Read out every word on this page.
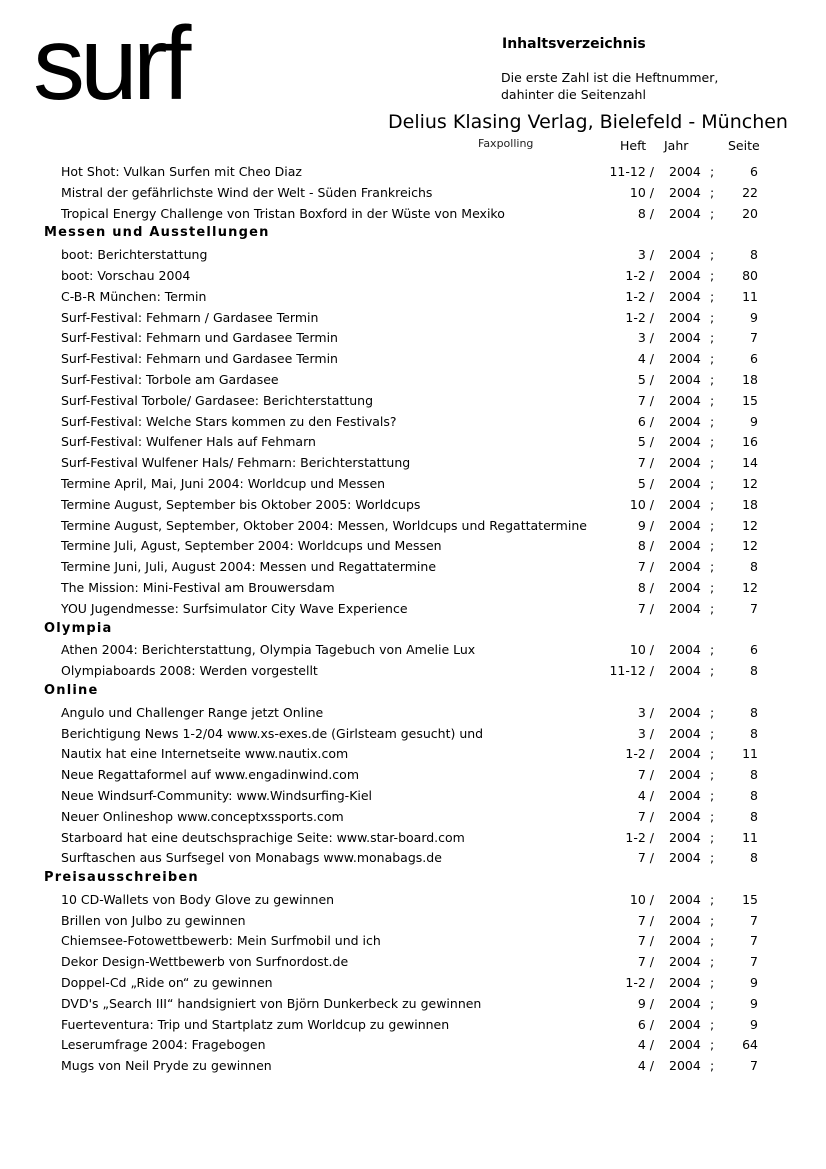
surf	Inhaltsverzeichnis
Die erste Zahl ist die Heftnummer,
dahinter die Seitenzahl
Delius Klasing Verlag, Bielefeld - München
Faxpolling	Heft Jahr	Seite
Hot Shot: Vulkan Surfen mit Cheo Diaz	11-12 / 2004 ;	6
Mistral der gefährlichste Wind der Welt - Süden Frankreichs	10 / 2004 ; 22
Tropical Energy Challenge von Tristan Boxford in der Wüste von Mexiko	8 / 2004 ; 20
Messen und Ausstellungen
boot: Berichterstattung	3 / 2004 ;	8
boot: Vorschau 2004	1-2 / 2004 ; 80
C-B-R München: Termin	1-2 / 2004 ; 11
Surf-Festival: Fehmarn / Gardasee Termin	1-2 / 2004 ;	9
Surf-Festival: Fehmarn und Gardasee Termin	3 / 2004 ;	7
Surf-Festival: Fehmarn und Gardasee Termin	4 / 2004 ;	6
Surf-Festival: Torbole am Gardasee	5 / 2004 ; 18
Surf-Festival Torbole/ Gardasee: Berichterstattung	7 / 2004 ; 15
Surf-Festival: Welche Stars kommen zu den Festivals?	6 / 2004 ;	9
Surf-Festival: Wulfener Hals auf Fehmarn	5 / 2004 ; 16
Surf-Festival Wulfener Hals/ Fehmarn: Berichterstattung	7 / 2004 ; 14
Termine April, Mai, Juni 2004: Worldcup und Messen	5 / 2004 ; 12
Termine August, September bis Oktober 2005: Worldcups	10 / 2004 ; 18
Termine August, September, Oktober 2004: Messen, Worldcups und Regattatermine	9 / 2004 ; 12
Termine Juli, Agust, September 2004: Worldcups und Messen	8 / 2004 ; 12
Termine Juni, Juli, August 2004: Messen und Regattatermine	7 / 2004 ;	8
The Mission: Mini-Festival am Brouwersdam	8 / 2004 ; 12
YOU Jugendmesse: Surfsimulator City Wave Experience	7 / 2004 ;	7
Olympia
Athen 2004: Berichterstattung, Olympia Tagebuch von Amelie Lux	10 / 2004 ;	6
Olympiaboards 2008: Werden vorgestellt	11-12 / 2004 ;	8
Online
Angulo und Challenger Range jetzt Online	3 / 2004 ;	8
Berichtigung News 1-2/04 www.xs-exes.de (Girlsteam gesucht) und	3 / 2004 ;	8
Nautix hat eine Internetseite www.nautix.com	1-2 / 2004 ; 11
Neue Regattaformel auf www.engadinwind.com	7 / 2004 ;	8
Neue Windsurf-Community: www.Windsurfing-Kiel	4 / 2004 ;	8
Neuer Onlineshop www.conceptxssports.com	7 / 2004 ;	8
Starboard hat eine deutschsprachige Seite: www.star-board.com	1-2 / 2004 ; 11
Surftaschen aus Surfsegel von Monabags www.monabags.de	7 / 2004 ;	8
Preisausschreiben
10 CD-Wallets von Body Glove zu gewinnen	10 / 2004 ; 15
Brillen von Julbo zu gewinnen	7 / 2004 ;	7
Chiemsee-Fotowettbewerb: Mein Surfmobil und ich	7 / 2004 ;	7
Dekor Design-Wettbewerb von Surfnordost.de	7 / 2004 ;	7
Doppel-Cd „Ride on“ zu gewinnen	1-2 / 2004 ;	9
DVD's „Search III“ handsigniert von Björn Dunkerbeck zu gewinnen	9 / 2004 ;	9
Fuerteventura: Trip und Startplatz zum Worldcup zu gewinnen	6 / 2004 ;	9
Leserumfrage 2004: Fragebogen	4 / 2004 ; 64
Mugs von Neil Pryde zu gewinnen	4 / 2004 ;	7
